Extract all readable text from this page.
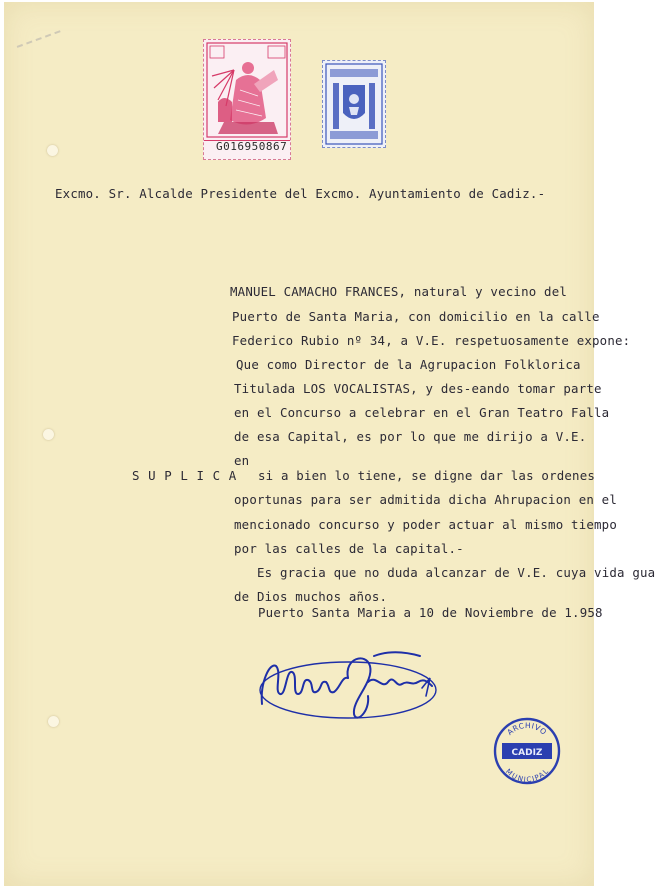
G016950867
Excmo. Sr. Alcalde Presidente del Excmo. Ayuntamiento de Cadiz.-
MANUEL CAMACHO FRANCES, natural y vecino del
Puerto de Santa Maria, con domicilio en la calle
Federico Rubio nº 34, a V.E. respetuosamente expone:
Que como Director de la Agrupacion Folklorica
Titulada LOS VOCALISTAS, y des-eando tomar parte
en el Concurso a celebrar en el Gran Teatro Falla
de esa Capital, es por lo que me dirijo a V.E.
en
S U P L I C A si a bien lo tiene, se digne dar las ordenes
oportunas para ser admitida dicha Ahrupacion en el
mencionado concurso y poder actuar al mismo tiempo
por las calles de la capital.-
Es gracia que no duda alcanzar de V.E. cuya vida gua
de Dios muchos años.
Puerto Santa Maria a 10 de Noviembre de 1.958
ARCHIVO
CADIZ
MUNICIPAL
